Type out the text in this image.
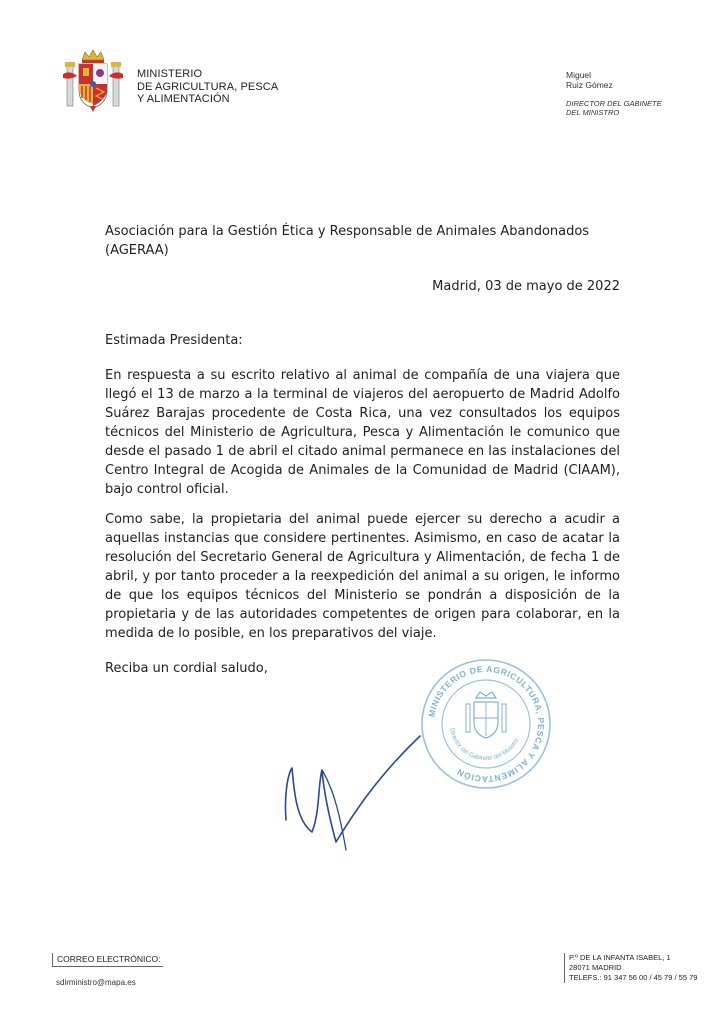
MINISTERIO
DE AGRICULTURA, PESCA
Y ALIMENTACIÓN
Miguel
Ruiz Gómez
DIRECTOR DEL GABINETE
DEL MINISTRO
Asociación para la Gestión Ética y Responsable de Animales Abandonados
(AGERAA)
Madrid, 03 de mayo de 2022
Estimada Presidenta:
En respuesta a su escrito relativo al animal de compañía de una viajera que llegó el 13 de marzo a la terminal de viajeros del aeropuerto de Madrid Adolfo Suárez Barajas procedente de Costa Rica, una vez consultados los equipos técnicos del Ministerio de Agricultura, Pesca y Alimentación le comunico que desde el pasado 1 de abril el citado animal permanece en las instalaciones del Centro Integral de Acogida de Animales de la Comunidad de Madrid (CIAAM), bajo control oficial.
Como sabe, la propietaria del animal puede ejercer su derecho a acudir a aquellas instancias que considere pertinentes. Asimismo, en caso de acatar la resolución del Secretario General de Agricultura y Alimentación, de fecha 1 de abril, y por tanto proceder a la reexpedición del animal a su origen, le informo de que los equipos técnicos del Ministerio se pondrán a disposición de la propietaria y de las autoridades competentes de origen para colaborar, en la medida de lo posible, en los preparativos del viaje.
Reciba un cordial saludo,
MINISTERIO DE AGRICULTURA, PESCA Y ALIMENTACIÓN
Director del Gabinete del Ministro
CORREO ELECTRÓNICO:
sdirministro@mapa.es
P.º DE LA INFANTA ISABEL, 1
28071 MADRID
TELEFS.: 91 347 56 00 / 45 79 / 55 79
